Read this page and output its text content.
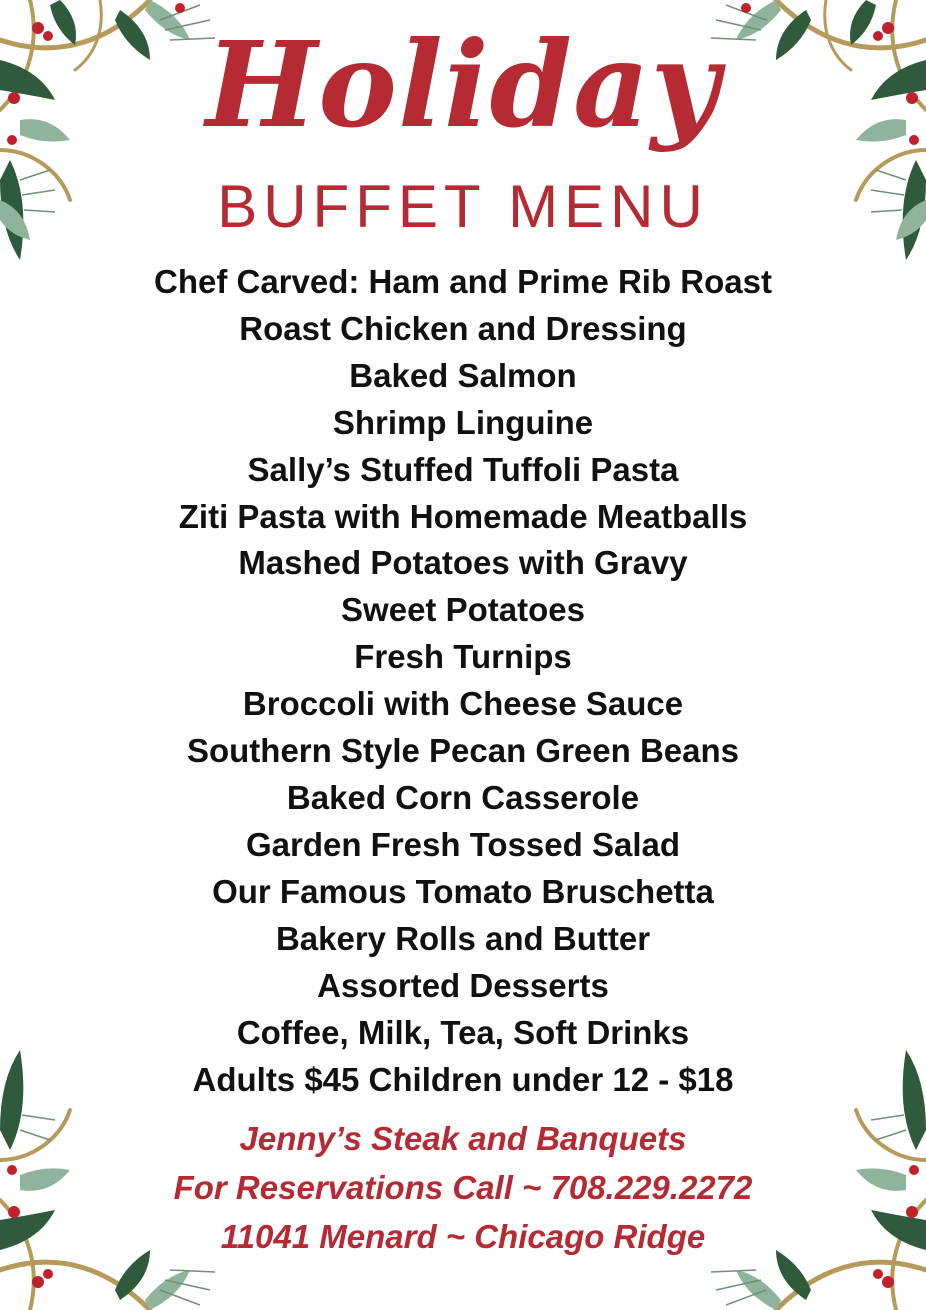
Holiday
BUFFET MENU
Chef Carved: Ham and Prime Rib Roast
Roast Chicken and Dressing
Baked Salmon
Shrimp Linguine
Sally’s Stuffed Tuffoli Pasta
Ziti Pasta with Homemade Meatballs
Mashed Potatoes with Gravy
Sweet Potatoes
Fresh Turnips
Broccoli with Cheese Sauce
Southern Style Pecan Green Beans
Baked Corn Casserole
Garden Fresh Tossed Salad
Our Famous Tomato Bruschetta
Bakery Rolls and Butter
Assorted Desserts
Coffee, Milk, Tea, Soft Drinks
Adults $45 Children under 12 - $18
Jenny’s Steak and Banquets
For Reservations Call ~ 708.229.2272
11041 Menard ~ Chicago Ridge
